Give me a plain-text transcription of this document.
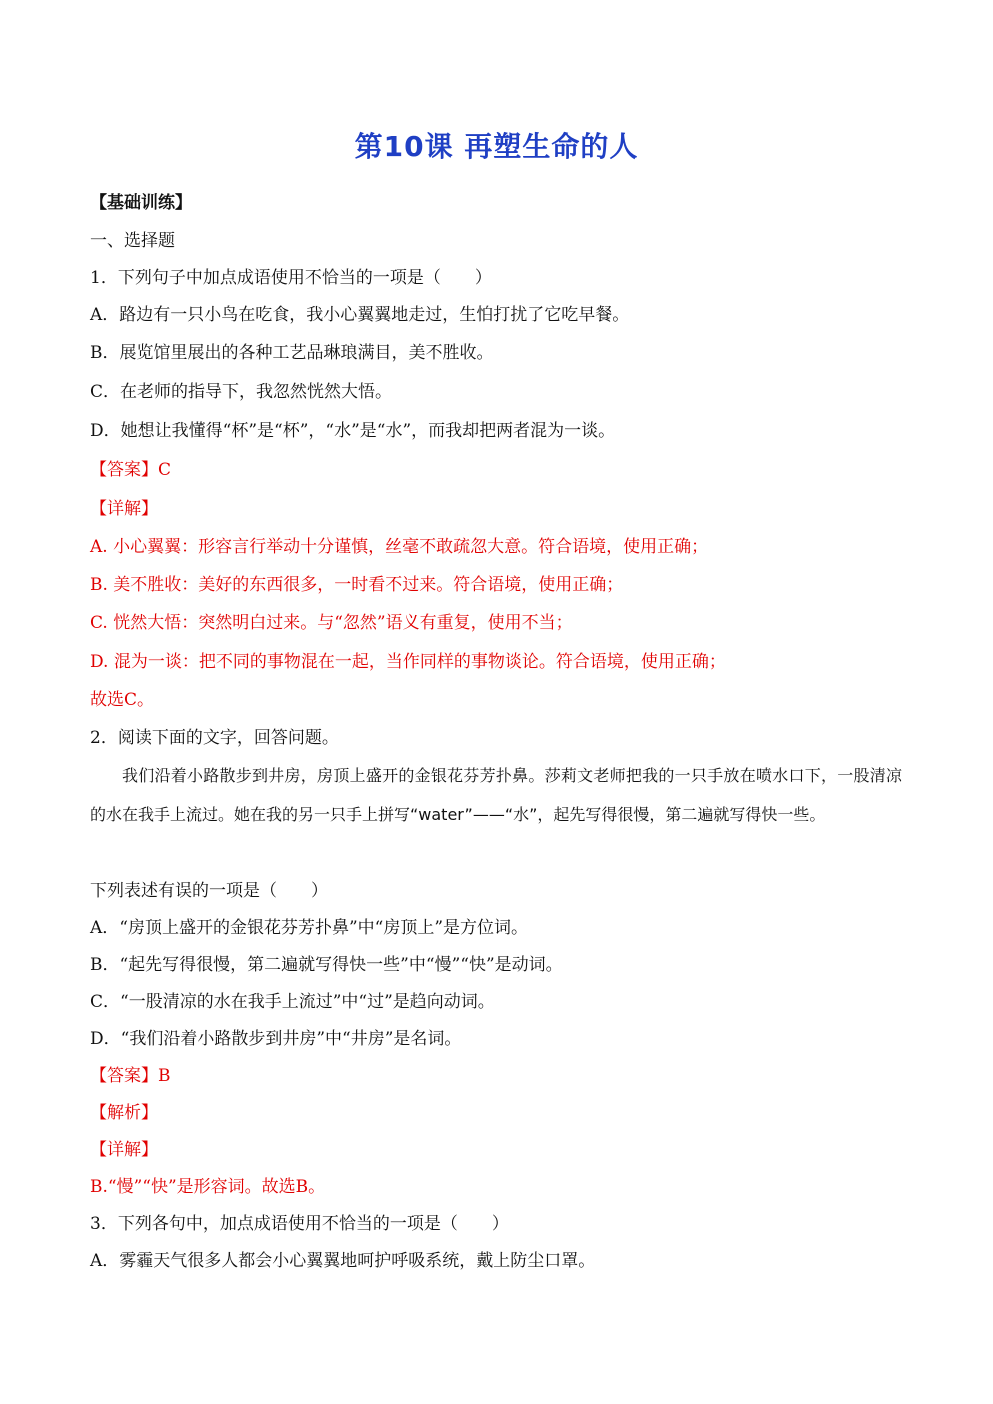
第10课 再塑生命的人
【基础训练】
一、选择题
1．下列句子中加点成语使用不恰当的一项是（　　）
A．路边有一只小鸟在吃食，我小心翼翼地走过，生怕打扰了它吃早餐。
B．展览馆里展出的各种工艺品琳琅满目，美不胜收。
C．在老师的指导下，我忽然恍然大悟。
D．她想让我懂得“杯”是“杯”，“水”是“水”，而我却把两者混为一谈。
【答案】C
【详解】
A. 小心翼翼：形容言行举动十分谨慎，丝毫不敢疏忽大意。符合语境，使用正确；
B. 美不胜收：美好的东西很多，一时看不过来。符合语境，使用正确；
C. 恍然大悟：突然明白过来。与“忽然”语义有重复，使用不当；
D. 混为一谈：把不同的事物混在一起，当作同样的事物谈论。符合语境，使用正确；
故选C。
2．阅读下面的文字，回答问题。
我们沿着小路散步到井房，房顶上盛开的金银花芬芳扑鼻。莎莉文老师把我的一只手放在喷水口下，一股清凉的水在我手上流过。她在我的另一只手上拼写“water”——“水”，起先写得很慢，第二遍就写得快一些。
下列表述有误的一项是（　　）
A．“房顶上盛开的金银花芬芳扑鼻”中“房顶上”是方位词。
B．“起先写得很慢，第二遍就写得快一些”中“慢”“快”是动词。
C．“一股清凉的水在我手上流过”中“过”是趋向动词。
D．“我们沿着小路散步到井房”中“井房”是名词。
【答案】B
【解析】
【详解】
B.“慢”“快”是形容词。故选B。
3．下列各句中，加点成语使用不恰当的一项是（　　）
A．雾霾天气很多人都会小心翼翼地呵护呼吸系统，戴上防尘口罩。
